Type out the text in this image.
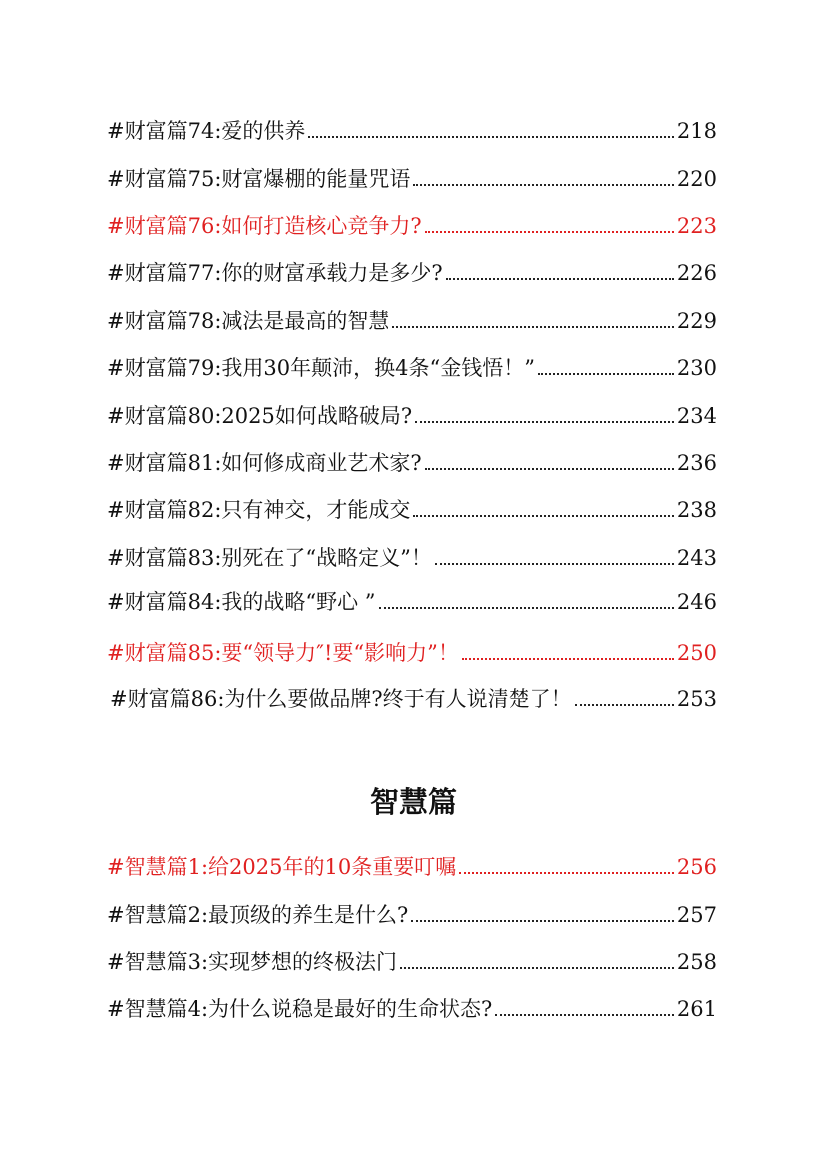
#财富篇74:爱的供养	218
#财富篇75:财富爆棚的能量咒语	220
#财富篇76:如何打造核心竞争力?	223
#财富篇77:你的财富承载力是多少?	226
#财富篇78:减法是最高的智慧	229
#财富篇79:我用30年颠沛，换4条“金钱悟！”	230
#财富篇80:2025如何战略破局?	234
#财富篇81:如何修成商业艺术家?	236
#财富篇82:只有神交，才能成交	238
#财富篇83:别死在了“战略定义”！	243
#财富篇84:我的战略“野心 ”	246
#财富篇85:要“领导力″!要“影响力”！	250
#财富篇86:为什么要做品牌?终于有人说清楚了！	253
智慧篇
#智慧篇1:给2025年的10条重要叮嘱	256
#智慧篇2:最顶级的养生是什么?	257
#智慧篇3:实现梦想的终极法门	258
#智慧篇4:为什么说稳是最好的生命状态?	261
